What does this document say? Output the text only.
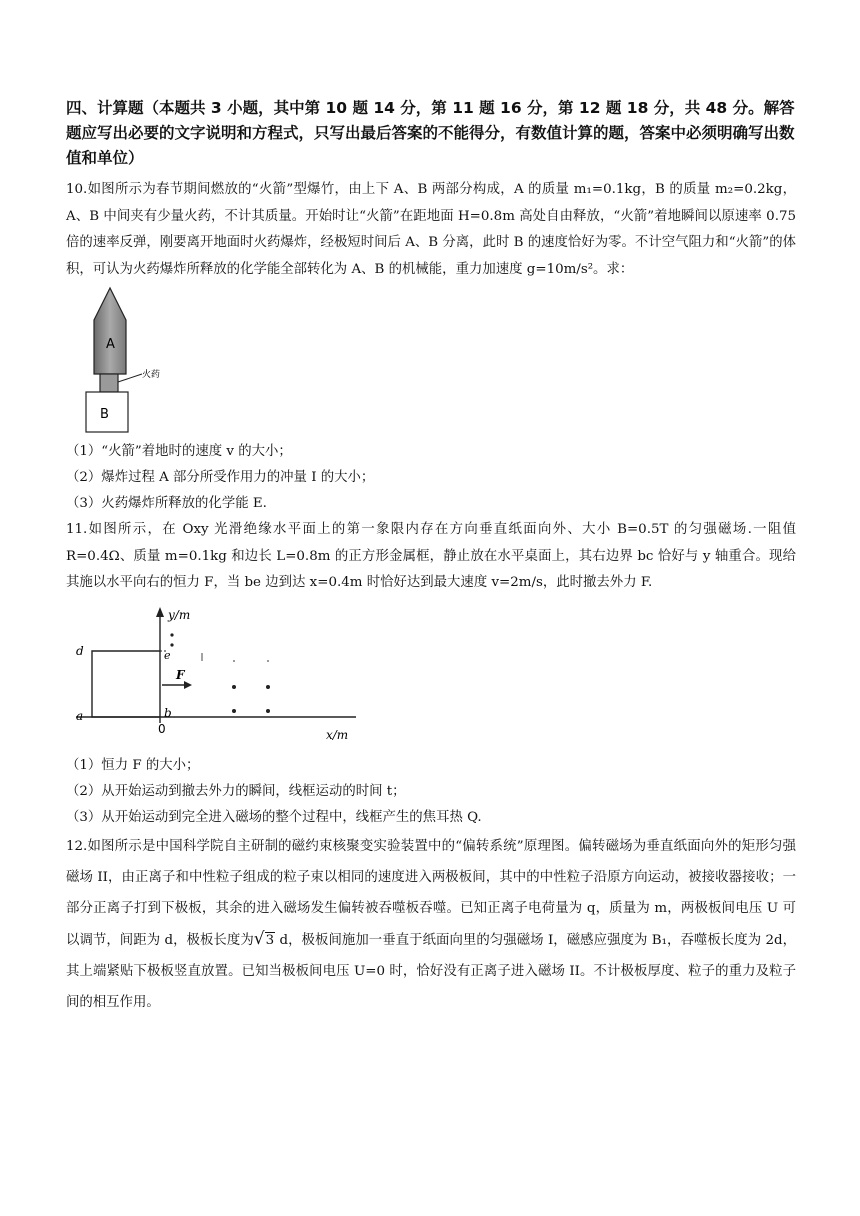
四、计算题（本题共 3 小题，其中第 10 题 14 分，第 11 题 16 分，第 12 题 18 分，共 48 分。解答题应写出必要的文字说明和方程式，只写出最后答案的不能得分，有数值计算的题，答案中必须明确写出数值和单位）

10.如图所示为春节期间燃放的“火箭”型爆竹，由上下 A、B 两部分构成，A 的质量 m₁=0.1kg，B 的质量 m₂=0.2kg，A、B 中间夹有少量火药，不计其质量。开始时让“火箭”在距地面 H=0.8m 高处自由释放，“火箭”着地瞬间以原速率 0.75 倍的速率反弹，刚要离开地面时火药爆炸，经极短时间后 A、B 分离，此时 B 的速度恰好为零。不计空气阻力和“火箭”的体积，可认为火药爆炸所释放的化学能全部转化为 A、B 的机械能，重力加速度 g=10m/s²。求：

A
火药
B

（1）“火箭”着地时的速度 v 的大小；

（2）爆炸过程 A 部分所受作用力的冲量 I 的大小；

（3）火药爆炸所释放的化学能 E.

11.如图所示，在 Oxy 光滑绝缘水平面上的第一象限内存在方向垂直纸面向外、大小 B=0.5T 的匀强磁场.一阻值 R=0.4Ω、质量 m=0.1kg 和边长 L=0.8m 的正方形金属框，静止放在水平桌面上，其右边界 bc 恰好与 y 轴重合。现给其施以水平向右的恒力 F，当 be 边到达 x=0.4m 时恰好达到最大速度 v=2m/s，此时撤去外力 F.

y/m
x/m
0
d
a
e
b
F

（1）恒力 F 的大小；

（2）从开始运动到撤去外力的瞬间，线框运动的时间 t；

（3）从开始运动到完全进入磁场的整个过程中，线框产生的焦耳热 Q.

12.如图所示是中国科学院自主研制的磁约束核聚变实验装置中的“偏转系统”原理图。偏转磁场为垂直纸面向外的矩形匀强磁场 II，由正离子和中性粒子组成的粒子束以相同的速度进入两极板间，其中的中性粒子沿原方向运动，被接收器接收；一部分正离子打到下极板，其余的进入磁场发生偏转被吞噬板吞噬。已知正离子电荷量为 q，质量为 m，两极板间电压 U 可以调节，间距为 d，极板长度为√3 d，极板间施加一垂直于纸面向里的匀强磁场 I，磁感应强度为 B₁，吞噬板长度为 2d，其上端紧贴下极板竖直放置。已知当极板间电压 U=0 时，恰好没有正离子进入磁场 II。不计极板厚度、粒子的重力及粒子间的相互作用。
